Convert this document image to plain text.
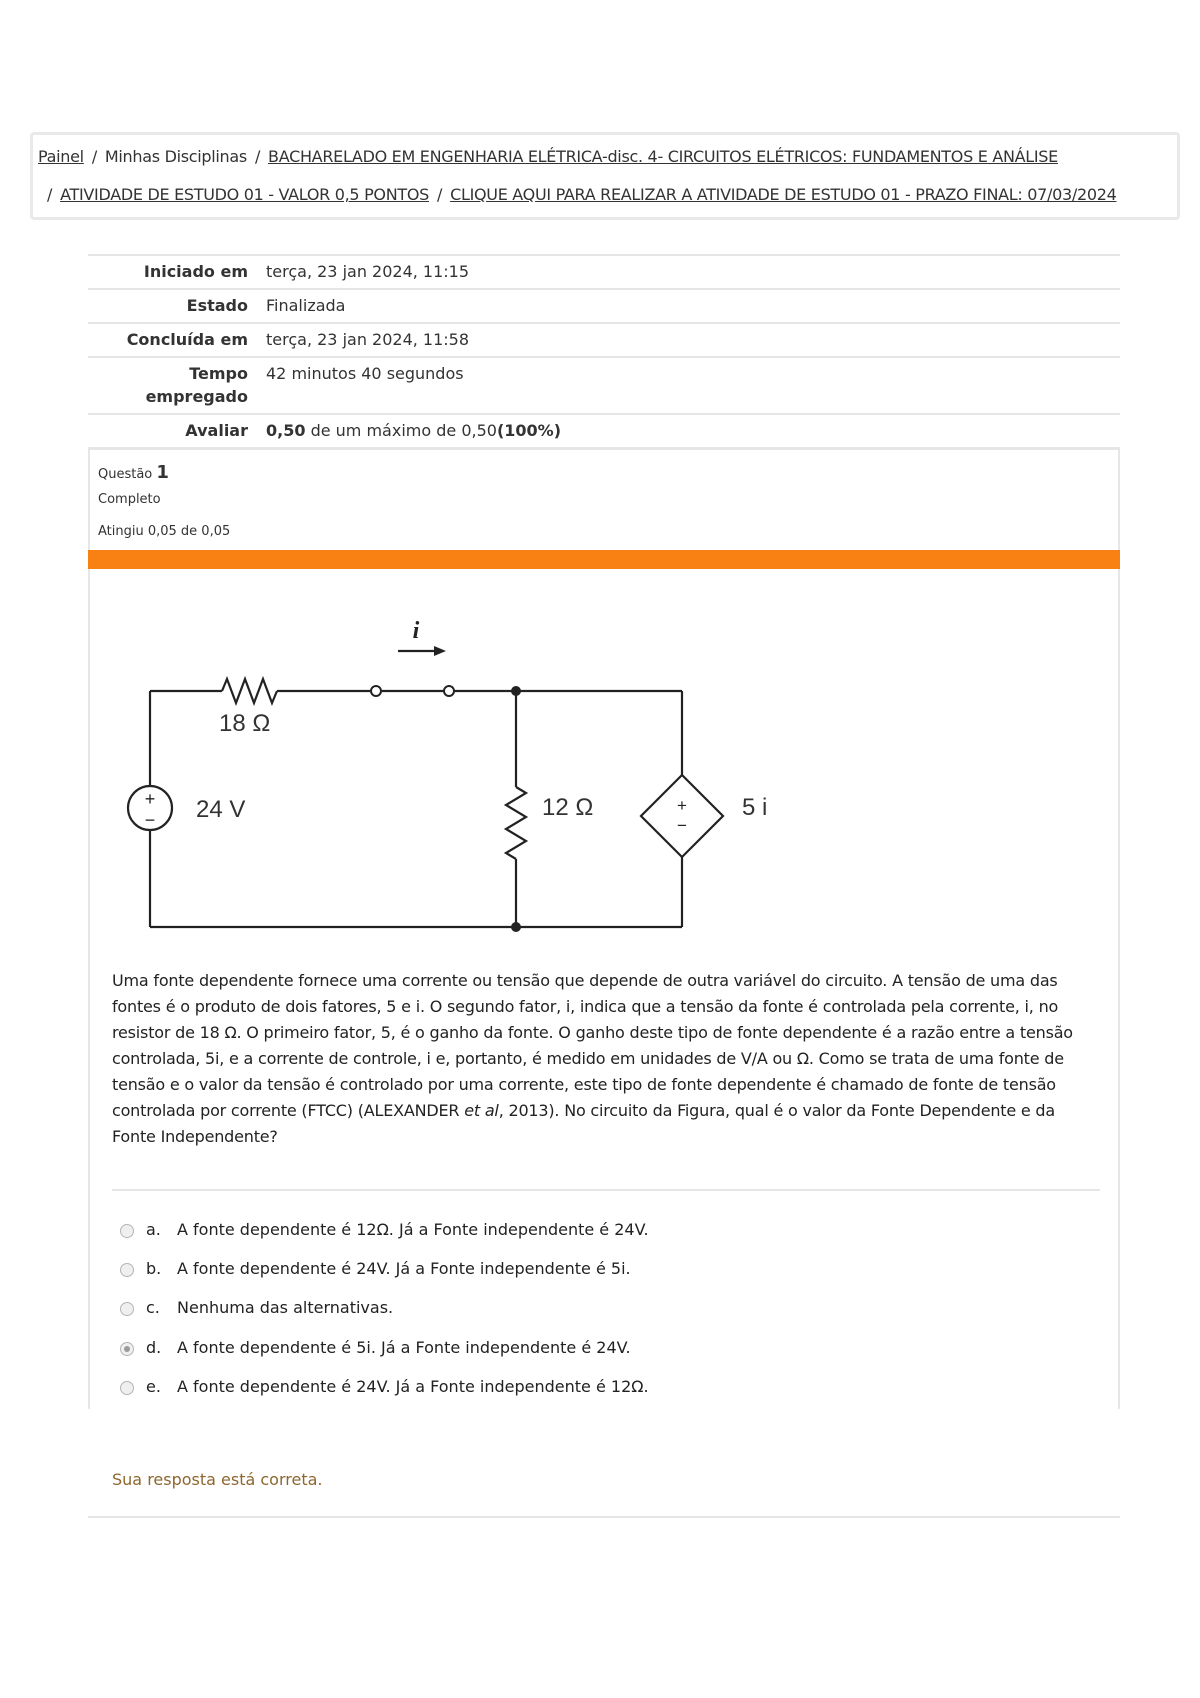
Painel / Minhas Disciplinas / BACHARELADO EM ENGENHARIA ELÉTRICA-disc. 4- CIRCUITOS ELÉTRICOS: FUNDAMENTOS E ANÁLISE
/ ATIVIDADE DE ESTUDO 01 - VALOR 0,5 PONTOS / CLIQUE AQUI PARA REALIZAR A ATIVIDADE DE ESTUDO 01 - PRAZO FINAL: 07/03/2024
Iniciado em	terça, 23 jan 2024, 11:15
Estado	Finalizada
Concluída em	terça, 23 jan 2024, 11:58
Tempo empregado	42 minutos 40 segundos
Avaliar	0,50 de um máximo de 0,50(100%)
Questão 1
Completo
Atingiu 0,05 de 0,05
+
−
+
−
i
18 Ω
24 V	12 Ω	5 i
Uma fonte dependente fornece uma corrente ou tensão que depende de outra variável do circuito. A tensão de uma das fontes é o produto de dois fatores, 5 e i. O segundo fator, i, indica que a tensão da fonte é controlada pela corrente, i, no resistor de 18 Ω. O primeiro fator, 5, é o ganho da fonte. O ganho deste tipo de fonte dependente é a razão entre a tensão controlada, 5i, e a corrente de controle, i e, portanto, é medido em unidades de V/A ou Ω. Como se trata de uma fonte de tensão e o valor da tensão é controlado por uma corrente, este tipo de fonte dependente é chamado de fonte de tensão controlada por corrente (FTCC) (ALEXANDER et al, 2013). No circuito da Figura, qual é o valor da Fonte Dependente e da Fonte Independente?
a. A fonte dependente é 12Ω. Já a Fonte independente é 24V.
b. A fonte dependente é 24V. Já a Fonte independente é 5i.
c. Nenhuma das alternativas.
d. A fonte dependente é 5i. Já a Fonte independente é 24V.
e. A fonte dependente é 24V. Já a Fonte independente é 12Ω.
Sua resposta está correta.
